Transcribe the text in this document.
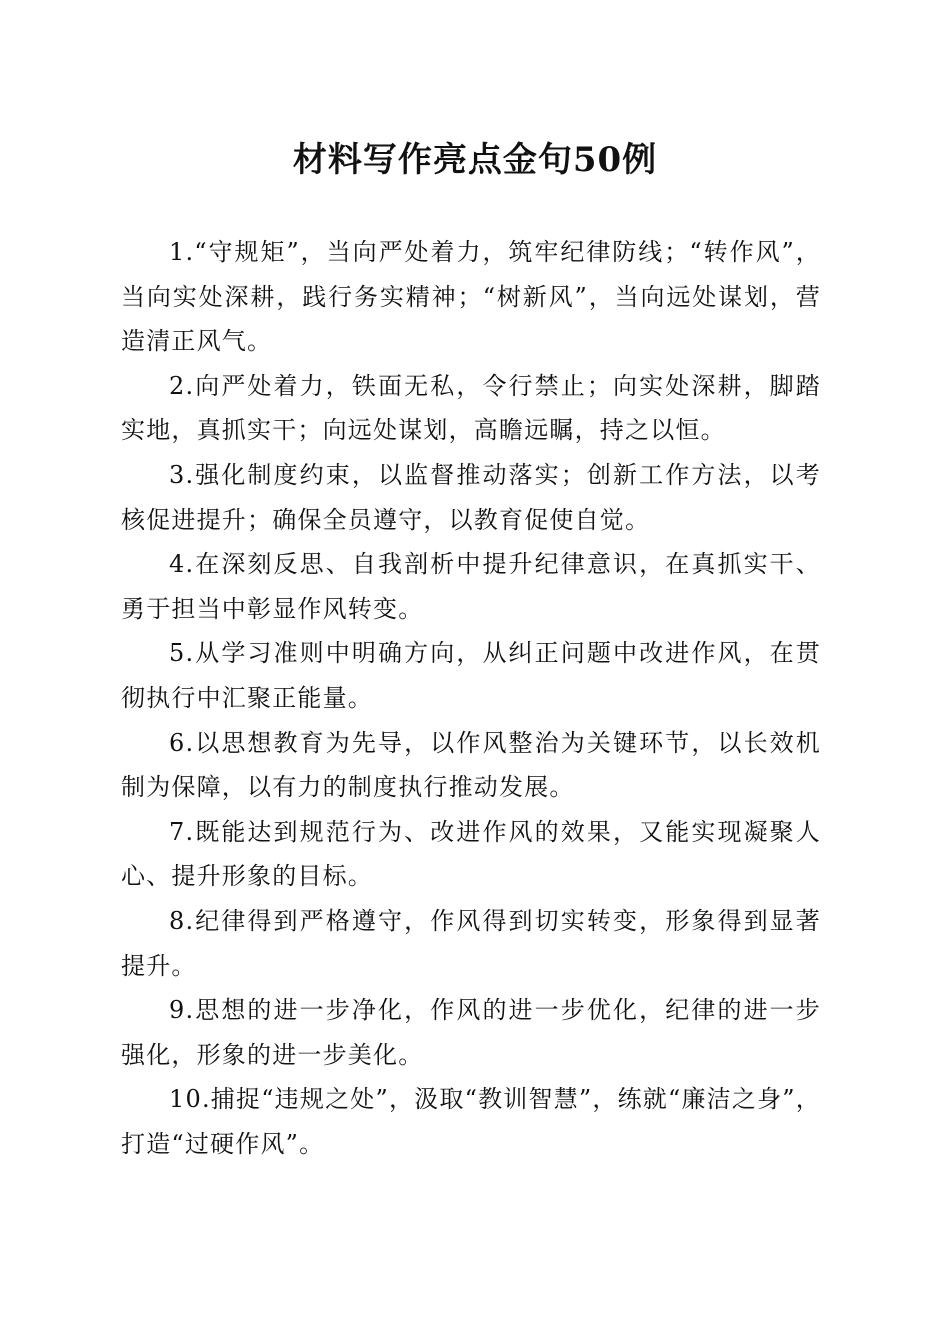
材料写作亮点金句50例

1.“守规矩”，当向严处着力，筑牢纪律防线；“转作风”，当向实处深耕，践行务实精神；“树新风”，当向远处谋划，营造清正风气。

2.向严处着力，铁面无私，令行禁止；向实处深耕，脚踏实地，真抓实干；向远处谋划，高瞻远瞩，持之以恒。

3.强化制度约束，以监督推动落实；创新工作方法，以考核促进提升；确保全员遵守，以教育促使自觉。

4.在深刻反思、自我剖析中提升纪律意识，在真抓实干、勇于担当中彰显作风转变。

5.从学习准则中明确方向，从纠正问题中改进作风，在贯彻执行中汇聚正能量。

6.以思想教育为先导，以作风整治为关键环节，以长效机制为保障，以有力的制度执行推动发展。

7.既能达到规范行为、改进作风的效果，又能实现凝聚人心、提升形象的目标。

8.纪律得到严格遵守，作风得到切实转变，形象得到显著提升。

9.思想的进一步净化，作风的进一步优化，纪律的进一步强化，形象的进一步美化。

10.捕捉“违规之处”，汲取“教训智慧”，练就“廉洁之身”，打造“过硬作风”。
